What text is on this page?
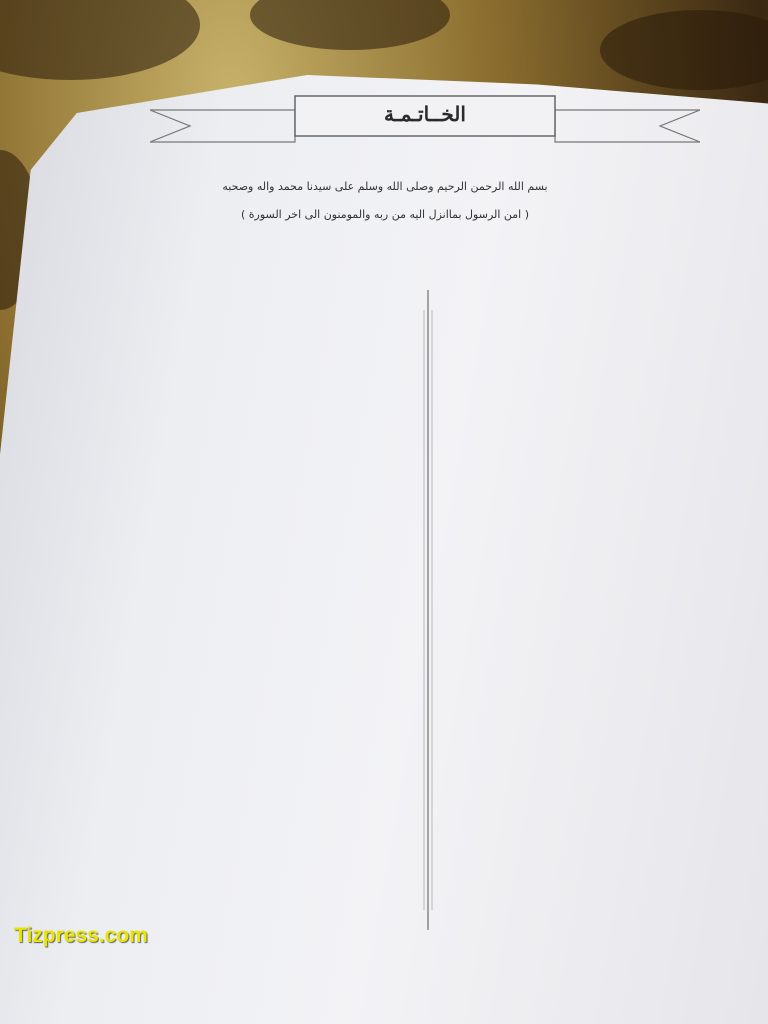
الخــاتـمـة
بسم الله الرحمن الرحيم وصلى الله وسلم على سيدنا محمد واله وصحبه
( امن الرسول بماانزل اليه من ربه والمومنون الى اخر السورة )
Tizpress.com
